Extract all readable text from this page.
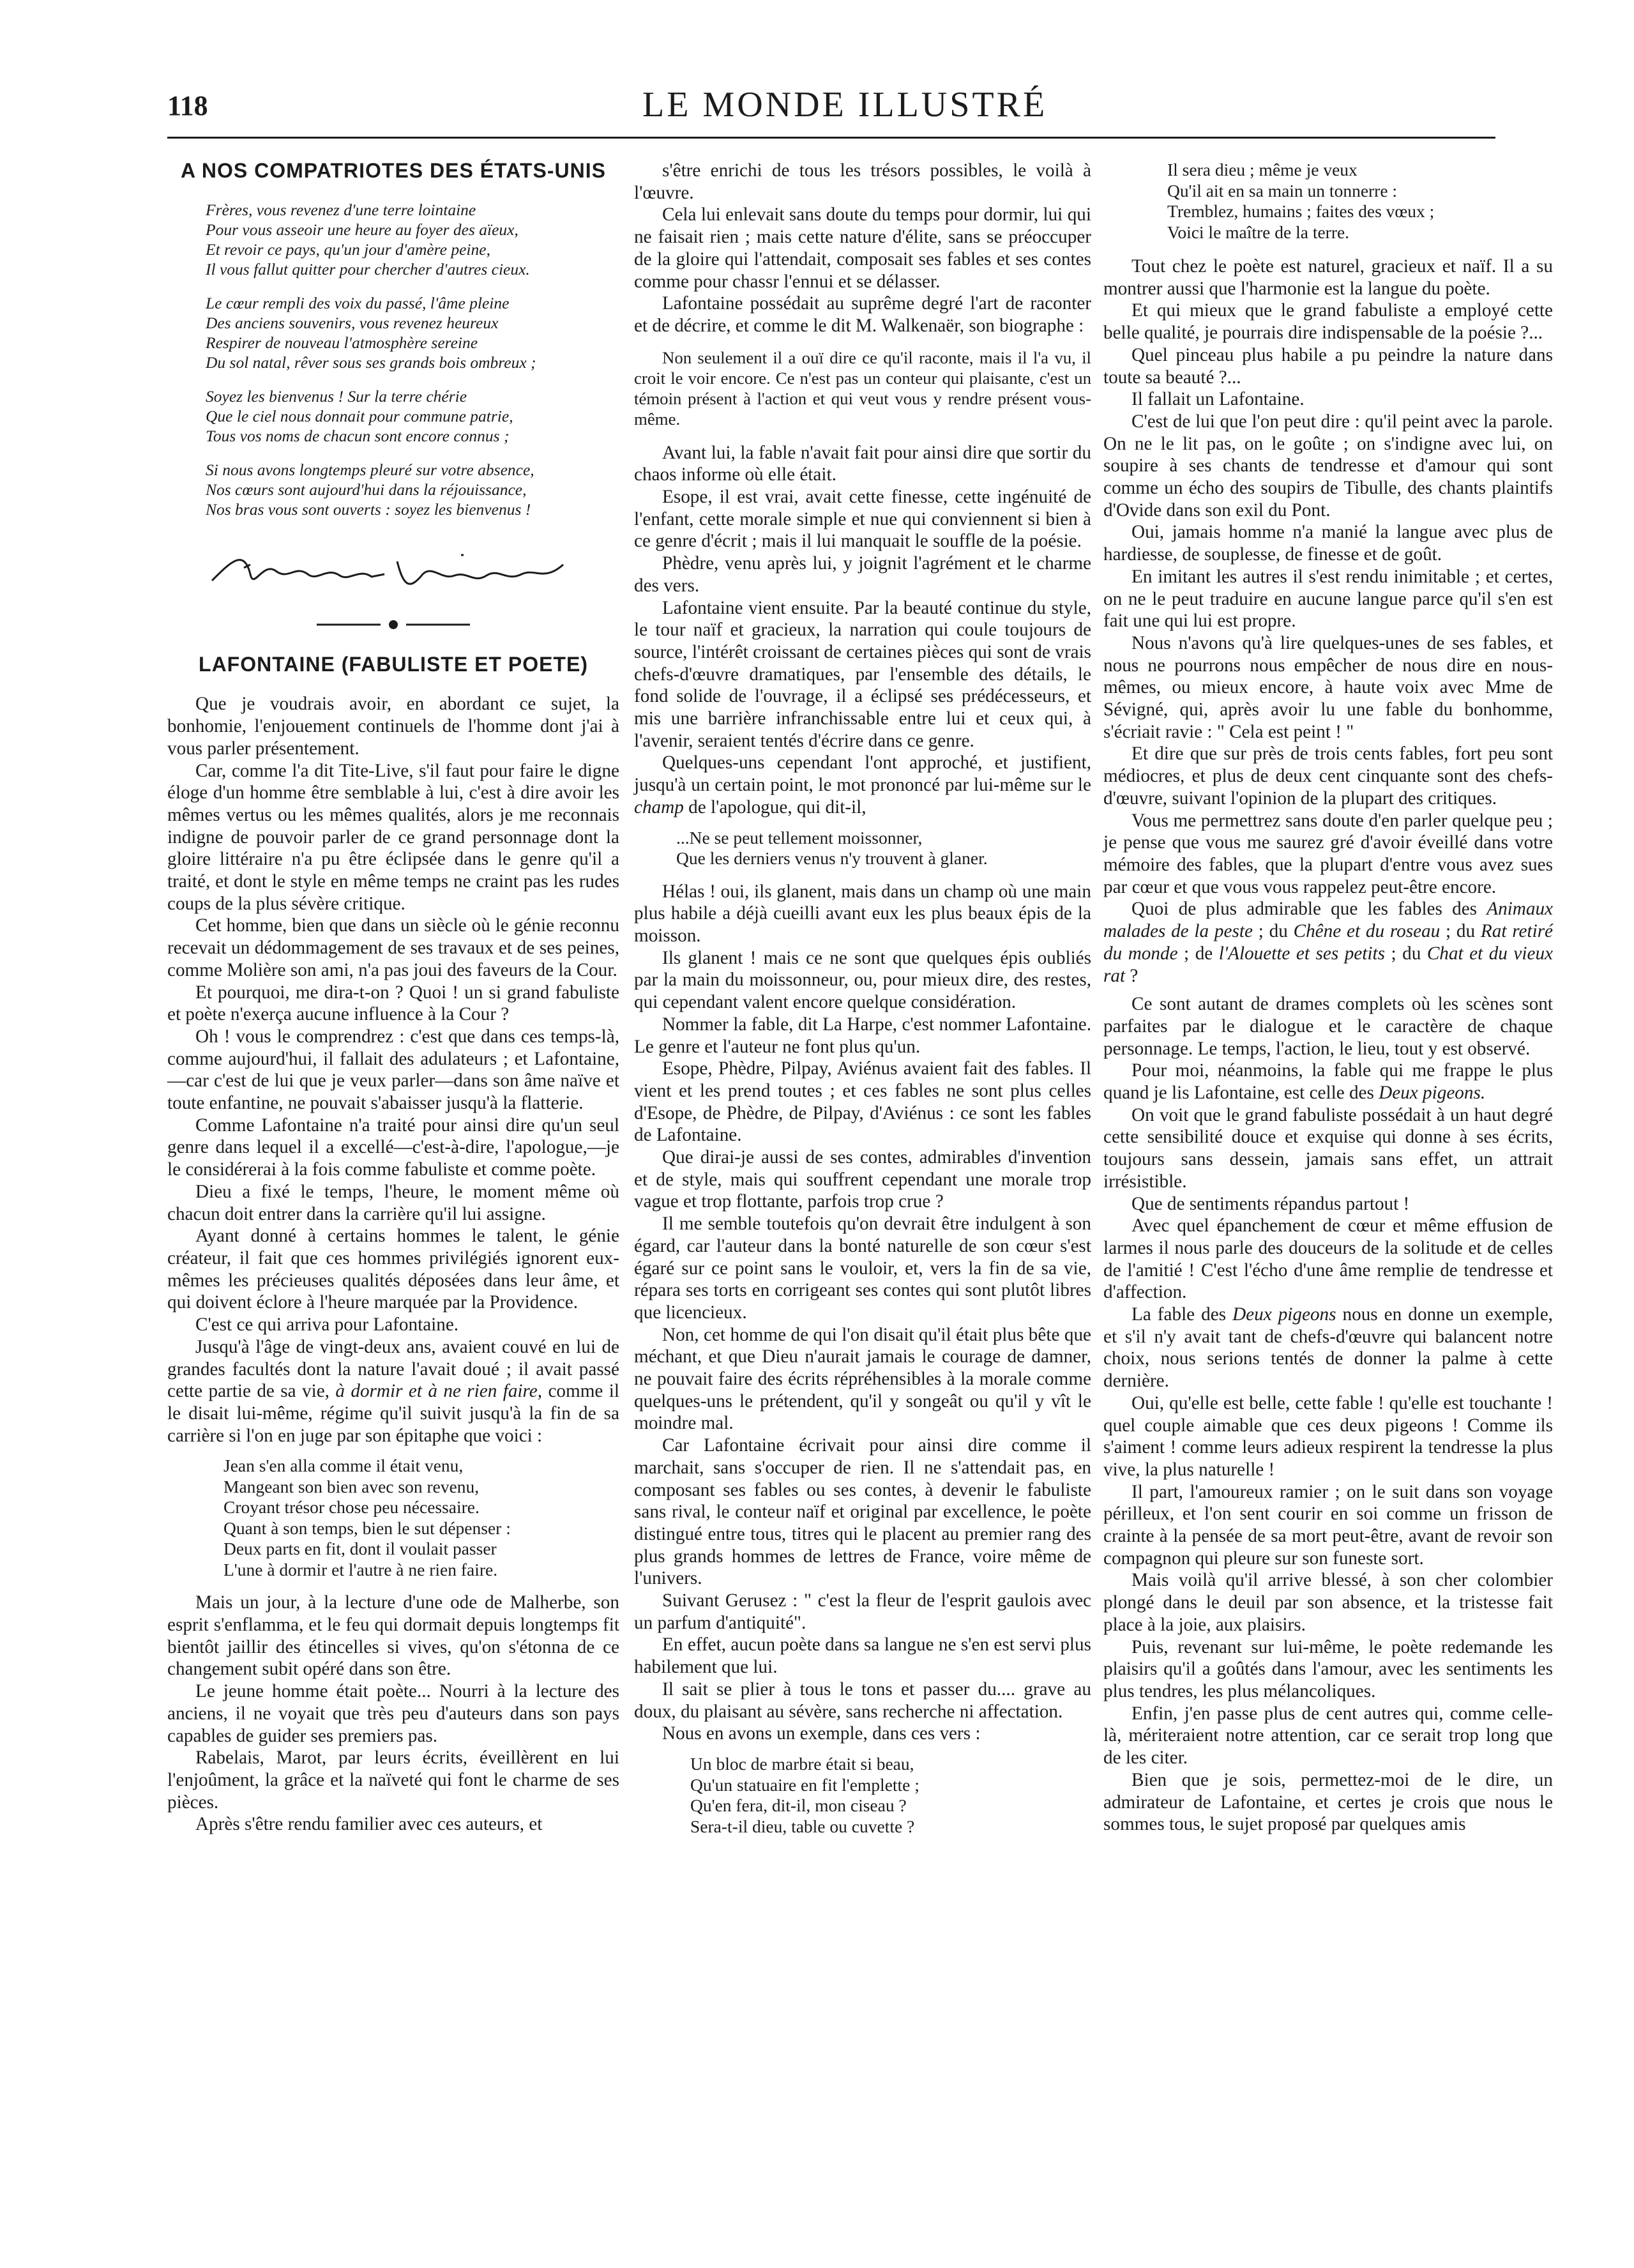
118	LE MONDE ILLUSTRÉ
A NOS COMPATRIOTES DES ÉTATS-UNIS
Frères, vous revenez d'une terre lointaine
Pour vous asseoir une heure au foyer des aïeux,
Et revoir ce pays, qu'un jour d'amère peine,
Il vous fallut quitter pour chercher d'autres cieux.
Le cœur rempli des voix du passé, l'âme pleine
Des anciens souvenirs, vous revenez heureux
Respirer de nouveau l'atmosphère sereine
Du sol natal, rêver sous ses grands bois ombreux ;
Soyez les bienvenus ! Sur la terre chérie
Que le ciel nous donnait pour commune patrie,
Tous vos noms de chacun sont encore connus ;
Si nous avons longtemps pleuré sur votre absence,
Nos cœurs sont aujourd'hui dans la réjouissance,
Nos bras vous sont ouverts : soyez les bienvenus !
LAFONTAINE (FABULISTE ET POETE)

Que je voudrais avoir, en abordant ce sujet, la bonhomie, l'enjouement continuels de l'homme dont j'ai à vous parler présentement.

Car, comme l'a dit Tite-Live, s'il faut pour faire le digne éloge d'un homme être semblable à lui, c'est à dire avoir les mêmes vertus ou les mêmes qualités, alors je me reconnais indigne de pouvoir parler de ce grand personnage dont la gloire littéraire n'a pu être éclipsée dans le genre qu'il a traité, et dont le style en même temps ne craint pas les rudes coups de la plus sévère critique.

Cet homme, bien que dans un siècle où le génie reconnu recevait un dédommagement de ses travaux et de ses peines, comme Molière son ami, n'a pas joui des faveurs de la Cour.

Et pourquoi, me dira-t-on ? Quoi ! un si grand fabuliste et poète n'exerça aucune influence à la Cour ?

Oh ! vous le comprendrez : c'est que dans ces temps-là, comme aujourd'hui, il fallait des adulateurs ; et Lafontaine,—car c'est de lui que je veux parler—dans son âme naïve et toute enfantine, ne pouvait s'abaisser jusqu'à la flatterie.

Comme Lafontaine n'a traité pour ainsi dire qu'un seul genre dans lequel il a excellé—c'est-à-dire, l'apologue,—je le considérerai à la fois comme fabuliste et comme poète.

Dieu a fixé le temps, l'heure, le moment même où chacun doit entrer dans la carrière qu'il lui assigne.

Ayant donné à certains hommes le talent, le génie créateur, il fait que ces hommes privilégiés ignorent eux-mêmes les précieuses qualités déposées dans leur âme, et qui doivent éclore à l'heure marquée par la Providence.

C'est ce qui arriva pour Lafontaine.

Jusqu'à l'âge de vingt-deux ans, avaient couvé en lui de grandes facultés dont la nature l'avait doué ; il avait passé cette partie de sa vie, à dormir et à ne rien faire, comme il le disait lui-même, régime qu'il suivit jusqu'à la fin de sa carrière si l'on en juge par son épitaphe que voici :

Jean s'en alla comme il était venu,
Mangeant son bien avec son revenu,
Croyant trésor chose peu nécessaire.
Quant à son temps, bien le sut dépenser :
Deux parts en fit, dont il voulait passer
L'une à dormir et l'autre à ne rien faire.

Mais un jour, à la lecture d'une ode de Malherbe, son esprit s'enflamma, et le feu qui dormait depuis longtemps fit bientôt jaillir des étincelles si vives, qu'on s'étonna de ce changement subit opéré dans son être.

Le jeune homme était poète... Nourri à la lecture des anciens, il ne voyait que très peu d'auteurs dans son pays capables de guider ses premiers pas.

Rabelais, Marot, par leurs écrits, éveillèrent en lui l'enjoûment, la grâce et la naïveté qui font le charme de ses pièces.

Après s'être rendu familier avec ces auteurs, et

s'être enrichi de tous les trésors possibles, le voilà à l'œuvre.

Cela lui enlevait sans doute du temps pour dormir, lui qui ne faisait rien ; mais cette nature d'élite, sans se préoccuper de la gloire qui l'attendait, composait ses fables et ses contes comme pour chassr l'ennui et se délasser.

Lafontaine possédait au suprême degré l'art de raconter et de décrire, et comme le dit M. Walkenaër, son biographe :

Non seulement il a ouï dire ce qu'il raconte, mais il l'a vu, il croit le voir encore. Ce n'est pas un conteur qui plaisante, c'est un témoin présent à l'action et qui veut vous y rendre présent vous-même.

Avant lui, la fable n'avait fait pour ainsi dire que sortir du chaos informe où elle était.

Esope, il est vrai, avait cette finesse, cette ingénuité de l'enfant, cette morale simple et nue qui conviennent si bien à ce genre d'écrit ; mais il lui manquait le souffle de la poésie.

Phèdre, venu après lui, y joignit l'agrément et le charme des vers.

Lafontaine vient ensuite. Par la beauté continue du style, le tour naïf et gracieux, la narration qui coule toujours de source, l'intérêt croissant de certaines pièces qui sont de vrais chefs-d'œuvre dramatiques, par l'ensemble des détails, le fond solide de l'ouvrage, il a éclipsé ses prédécesseurs, et mis une barrière infranchissable entre lui et ceux qui, à l'avenir, seraient tentés d'écrire dans ce genre.

Quelques-uns cependant l'ont approché, et justifient, jusqu'à un certain point, le mot prononcé par lui-même sur le champ de l'apologue, qui dit-il,

...Ne se peut tellement moissonner,
Que les derniers venus n'y trouvent à glaner.

Hélas ! oui, ils glanent, mais dans un champ où une main plus habile a déjà cueilli avant eux les plus beaux épis de la moisson.

Ils glanent ! mais ce ne sont que quelques épis oubliés par la main du moissonneur, ou, pour mieux dire, des restes, qui cependant valent encore quelque considération.

Nommer la fable, dit La Harpe, c'est nommer Lafontaine. Le genre et l'auteur ne font plus qu'un.

Esope, Phèdre, Pilpay, Aviénus avaient fait des fables. Il vient et les prend toutes ; et ces fables ne sont plus celles d'Esope, de Phèdre, de Pilpay, d'Aviénus : ce sont les fables de Lafontaine.

Que dirai-je aussi de ses contes, admirables d'invention et de style, mais qui souffrent cependant une morale trop vague et trop flottante, parfois trop crue ?

Il me semble toutefois qu'on devrait être indulgent à son égard, car l'auteur dans la bonté naturelle de son cœur s'est égaré sur ce point sans le vouloir, et, vers la fin de sa vie, répara ses torts en corrigeant ses contes qui sont plutôt libres que licencieux.

Non, cet homme de qui l'on disait qu'il était plus bête que méchant, et que Dieu n'aurait jamais le courage de damner, ne pouvait faire des écrits répréhensibles à la morale comme quelques-uns le prétendent, qu'il y songeât ou qu'il y vît le moindre mal.

Car Lafontaine écrivait pour ainsi dire comme il marchait, sans s'occuper de rien. Il ne s'attendait pas, en composant ses fables ou ses contes, à devenir le fabuliste sans rival, le conteur naïf et original par excellence, le poète distingué entre tous, titres qui le placent au premier rang des plus grands hommes de lettres de France, voire même de l'univers.

Suivant Gerusez : " c'est la fleur de l'esprit gaulois avec un parfum d'antiquité".

En effet, aucun poète dans sa langue ne s'en est servi plus habilement que lui.

Il sait se plier à tous le tons et passer du.... grave au doux, du plaisant au sévère, sans recherche ni affectation.

Nous en avons un exemple, dans ces vers :

Un bloc de marbre était si beau,
Qu'un statuaire en fit l'emplette ;
Qu'en fera, dit-il, mon ciseau ?
Sera-t-il dieu, table ou cuvette ?
Il sera dieu ; même je veux
Qu'il ait en sa main un tonnerre :
Tremblez, humains ; faites des vœux ;
Voici le maître de la terre.

Tout chez le poète est naturel, gracieux et naïf. Il a su montrer aussi que l'harmonie est la langue du poète.

Et qui mieux que le grand fabuliste a employé cette belle qualité, je pourrais dire indispensable de la poésie ?...

Quel pinceau plus habile a pu peindre la nature dans toute sa beauté ?...

Il fallait un Lafontaine.

C'est de lui que l'on peut dire : qu'il peint avec la parole. On ne le lit pas, on le goûte ; on s'indigne avec lui, on soupire à ses chants de tendresse et d'amour qui sont comme un écho des soupirs de Tibulle, des chants plaintifs d'Ovide dans son exil du Pont.

Oui, jamais homme n'a manié la langue avec plus de hardiesse, de souplesse, de finesse et de goût.

En imitant les autres il s'est rendu inimitable ; et certes, on ne le peut traduire en aucune langue parce qu'il s'en est fait une qui lui est propre.

Nous n'avons qu'à lire quelques-unes de ses fables, et nous ne pourrons nous empêcher de nous dire en nous-mêmes, ou mieux encore, à haute voix avec Mme de Sévigné, qui, après avoir lu une fable du bonhomme, s'écriait ravie : " Cela est peint ! "

Et dire que sur près de trois cents fables, fort peu sont médiocres, et plus de deux cent cinquante sont des chefs-d'œuvre, suivant l'opinion de la plupart des critiques.

Vous me permettrez sans doute d'en parler quelque peu ; je pense que vous me saurez gré d'avoir éveillé dans votre mémoire des fables, que la plupart d'entre vous avez sues par cœur et que vous vous rappelez peut-être encore.

Quoi de plus admirable que les fables des Animaux malades de la peste ; du Chêne et du roseau ; du Rat retiré du monde ; de l'Alouette et ses petits ; du Chat et du vieux rat ?

Ce sont autant de drames complets où les scènes sont parfaites par le dialogue et le caractère de chaque personnage. Le temps, l'action, le lieu, tout y est observé.

Pour moi, néanmoins, la fable qui me frappe le plus quand je lis Lafontaine, est celle des Deux pigeons.

On voit que le grand fabuliste possédait à un haut degré cette sensibilité douce et exquise qui donne à ses écrits, toujours sans dessein, jamais sans effet, un attrait irrésistible.

Que de sentiments répandus partout !

Avec quel épanchement de cœur et même effusion de larmes il nous parle des douceurs de la solitude et de celles de l'amitié ! C'est l'écho d'une âme remplie de tendresse et d'affection.

La fable des Deux pigeons nous en donne un exemple, et s'il n'y avait tant de chefs-d'œuvre qui balancent notre choix, nous serions tentés de donner la palme à cette dernière.

Oui, qu'elle est belle, cette fable ! qu'elle est touchante ! quel couple aimable que ces deux pigeons ! Comme ils s'aiment ! comme leurs adieux respirent la tendresse la plus vive, la plus naturelle !

Il part, l'amoureux ramier ; on le suit dans son voyage périlleux, et l'on sent courir en soi comme un frisson de crainte à la pensée de sa mort peut-être, avant de revoir son compagnon qui pleure sur son funeste sort.

Mais voilà qu'il arrive blessé, à son cher colombier plongé dans le deuil par son absence, et la tristesse fait place à la joie, aux plaisirs.

Puis, revenant sur lui-même, le poète redemande les plaisirs qu'il a goûtés dans l'amour, avec les sentiments les plus tendres, les plus mélancoliques.

Enfin, j'en passe plus de cent autres qui, comme celle-là, mériteraient notre attention, car ce serait trop long que de les citer.

Bien que je sois, permettez-moi de le dire, un admirateur de Lafontaine, et certes je crois que nous le sommes tous, le sujet proposé par quelques amis
